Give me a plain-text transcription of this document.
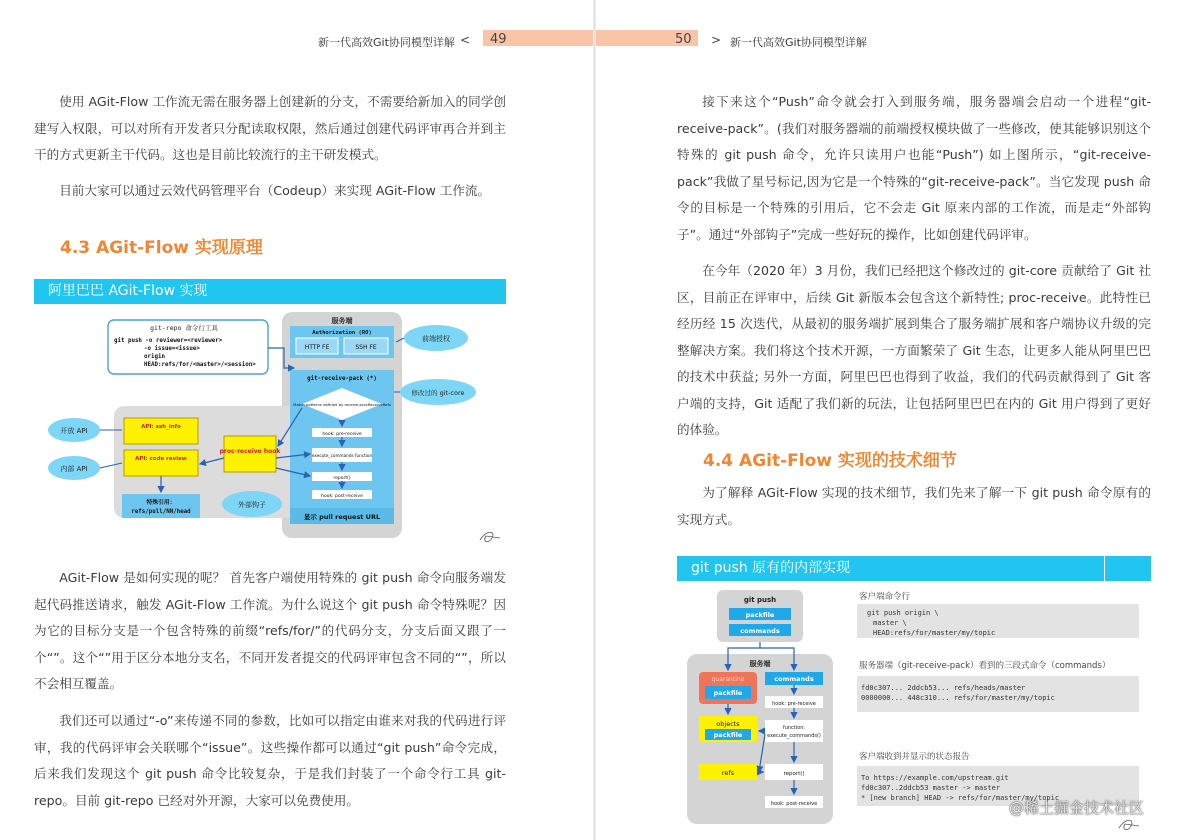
新一代高效Git协同模型详解 < 49

使用 AGit-Flow 工作流无需在服务器上创建新的分支，不需要给新加入的同学创建写入权限，可以对所有开发者只分配读取权限，然后通过创建代码评审再合并到主干的方式更新主干代码。这也是目前比较流行的主干研发模式。

目前大家可以通过云效代码管理平台（Codeup）来实现 AGit-Flow 工作流。

4.3 AGit-Flow 实现原理
阿里巴巴 AGit-Flow 实现
git-repo 命令行工具
git push -o reviewer=<reviewer>
-o issue=<issue>
origin
HEAD:refs/for/<master>/<session>
服务端
Authorization (RO)
HTTP FE	SSH FE
前端授权
git-receive-pack (*)
Match patterns defined by receive.procReceiveRefs
hook: pre-receive
execute_commands function
report()
hook: post-receive
显示 pull request URL
修改过的 git-core
API: ssh_info
API: code review
proc-receive hook
开放 API
内部 API
外部钩子
特殊引用：
refs/pull/NN/head

AGit-Flow 是如何实现的呢？ 首先客户端使用特殊的 git push 命令向服务端发起代码推送请求，触发 AGit-Flow 工作流。为什么说这个 git push 命令特殊呢？因为它的目标分支是一个包含特殊的前缀“refs/for/”的代码分支，分支后面又跟了一个“”。这个“”用于区分本地分支名，不同开发者提交的代码评审包含不同的“”，所以不会相互覆盖。

我们还可以通过“-o”来传递不同的参数，比如可以指定由谁来对我的代码进行评审，我的代码评审会关联哪个“issue”。这些操作都可以通过“git push”命令完成，后来我们发现这个 git push 命令比较复杂，于是我们封装了一个命令行工具 git-repo。目前 git-repo 已经对外开源，大家可以免费使用。

50 > 新一代高效Git协同模型详解

接下来这个“Push”命令就会打入到服务端，服务器端会启动一个进程“git-receive-pack”。(我们对服务器端的前端授权模块做了一些修改，使其能够识别这个特殊的 git push 命令，允许只读用户也能“Push”) 如上图所示，“git-receive-pack”我做了星号标记,因为它是一个特殊的“git-receive-pack”。当它发现 push 命令的目标是一个特殊的引用后，它不会走 Git 原来内部的工作流，而是走“外部钩子”。通过“外部钩子”完成一些好玩的操作，比如创建代码评审。

在今年（2020 年）3 月份，我们已经把这个修改过的 git-core 贡献给了 Git 社区，目前正在评审中，后续 Git 新版本会包含这个新特性; proc-receive。此特性已经历经 15 次迭代，从最初的服务端扩展到集合了服务端扩展和客户端协议升级的完整解决方案。我们将这个技术开源，一方面繁荣了 Git 生态，让更多人能从阿里巴巴的技术中获益; 另外一方面，阿里巴巴也得到了收益，我们的代码贡献得到了 Git 客户端的支持，Git 适配了我们新的玩法，让包括阿里巴巴在内的 Git 用户得到了更好的体验。

4.4 AGit-Flow 实现的技术细节

为了解释 AGit-Flow 实现的技术细节，我们先来了解一下 git push 命令原有的实现方式。

git push 原有的内部实现
git push
packfile
commands
服务端
quarantine
packfile
objects
packfile
refs
commands
hook: pre-receive
function:
execute_commands()
report()
hook: post-receive
客户端命令行
git push origin \
master \
HEAD:refs/for/master/my/topic
服务器端（git-receive-pack）看到的三段式命令（commands）
fd0c307... 2ddcb53... refs/heads/master
0000000... 448c310... refs/for/master/my/topic
客户端收到并显示的状态报告
To https://example.com/upstream.git
fd0c307..2ddcb53 master -> master
* [new branch] HEAD -> refs/for/master/my/topic
@稀土掘金技术社区
